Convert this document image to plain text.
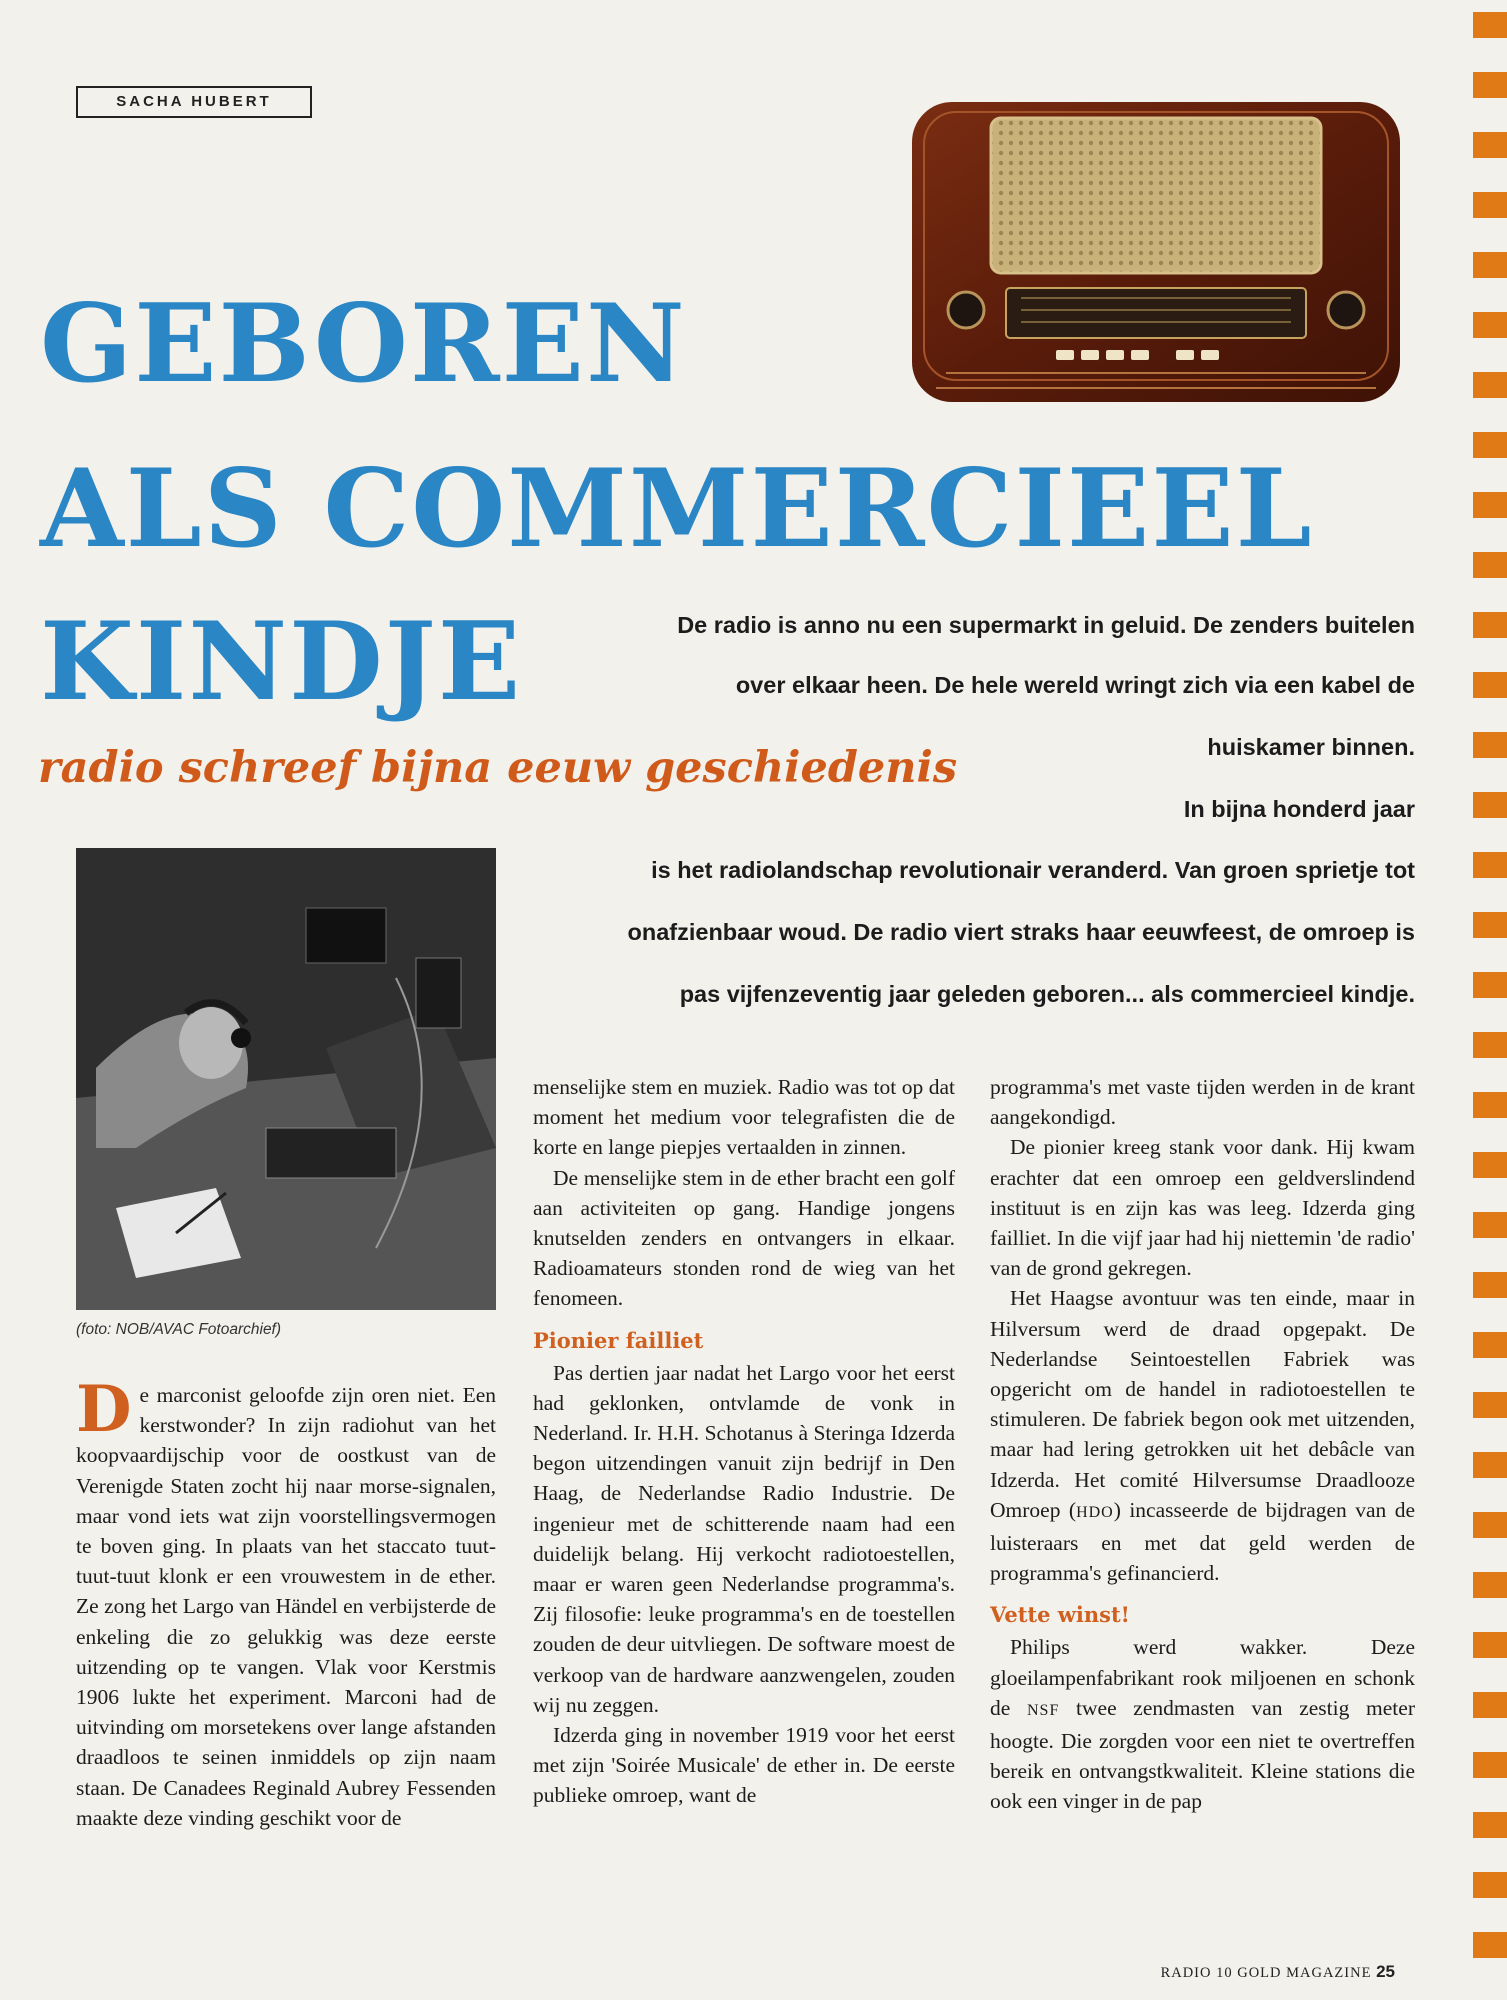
SACHA HUBERT
GEBOREN
ALS COMMERCIEEL
KINDJE
radio schreef bijna eeuw geschiedenis
De radio is anno nu een supermarkt in geluid. De zenders buitelen
over elkaar heen. De hele wereld wringt zich via een kabel de
huiskamer binnen.
In bijna honderd jaar
is het radiolandschap revolutionair veranderd. Van groen sprietje tot
onafzienbaar woud. De radio viert straks haar eeuwfeest, de omroep is
pas vijfenzeventig jaar geleden geboren... als commercieel kindje.
(foto: NOB/AVAC Fotoarchief)

D e marconist geloofde zijn oren niet. Een kerstwonder? In zijn radiohut van het koopvaardijschip voor de oostkust van de Verenigde Staten zocht hij naar morse-signalen, maar vond iets wat zijn voorstellingsvermogen te boven ging. In plaats van het staccato tuut-tuut-tuut klonk er een vrouwestem in de ether. Ze zong het Largo van Händel en verbijsterde de enkeling die zo gelukkig was deze eerste uitzending op te vangen. Vlak voor Kerstmis 1906 lukte het experiment. Marconi had de uitvinding om morsetekens over lange afstanden draadloos te seinen inmiddels op zijn naam staan. De Canadees Reginald Aubrey Fessenden maakte deze vinding geschikt voor de

menselijke stem en muziek. Radio was tot op dat moment het medium voor telegrafisten die de korte en lange piepjes vertaalden in zinnen.

De menselijke stem in de ether bracht een golf aan activiteiten op gang. Handige jongens knutselden zenders en ontvangers in elkaar. Radioamateurs stonden rond de wieg van het fenomeen.

Pionier failliet

Pas dertien jaar nadat het Largo voor het eerst had geklonken, ontvlamde de vonk in Nederland. Ir. H.H. Schotanus à Steringa Idzerda begon uitzendingen vanuit zijn bedrijf in Den Haag, de Nederlandse Radio Industrie. De ingenieur met de schitterende naam had een duidelijk belang. Hij verkocht radiotoestellen, maar er waren geen Nederlandse programma's. Zij filosofie: leuke programma's en de toestellen zouden de deur uitvliegen. De software moest de verkoop van de hardware aanzwengelen, zouden wij nu zeggen.

Idzerda ging in november 1919 voor het eerst met zijn 'Soirée Musicale' de ether in. De eerste publieke omroep, want de

programma's met vaste tijden werden in de krant aangekondigd.

De pionier kreeg stank voor dank. Hij kwam erachter dat een omroep een geldverslindend instituut is en zijn kas was leeg. Idzerda ging failliet. In die vijf jaar had hij niettemin 'de radio' van de grond gekregen.

Het Haagse avontuur was ten einde, maar in Hilversum werd de draad opgepakt. De Nederlandse Seintoestellen Fabriek was opgericht om de handel in radiotoestellen te stimuleren. De fabriek begon ook met uitzenden, maar had lering getrokken uit het debâcle van Idzerda. Het comité Hilversumse Draadlooze Omroep (HDO) incasseerde de bijdragen van de luisteraars en met dat geld werden de programma's gefinancierd.

Vette winst!

Philips werd wakker. Deze gloeilampenfabrikant rook miljoenen en schonk de NSF twee zendmasten van zestig meter hoogte. Die zorgden voor een niet te overtreffen bereik en ontvangstkwaliteit. Kleine stations die ook een vinger in de pap

RADIO 10 GOLD MAGAZINE 25
